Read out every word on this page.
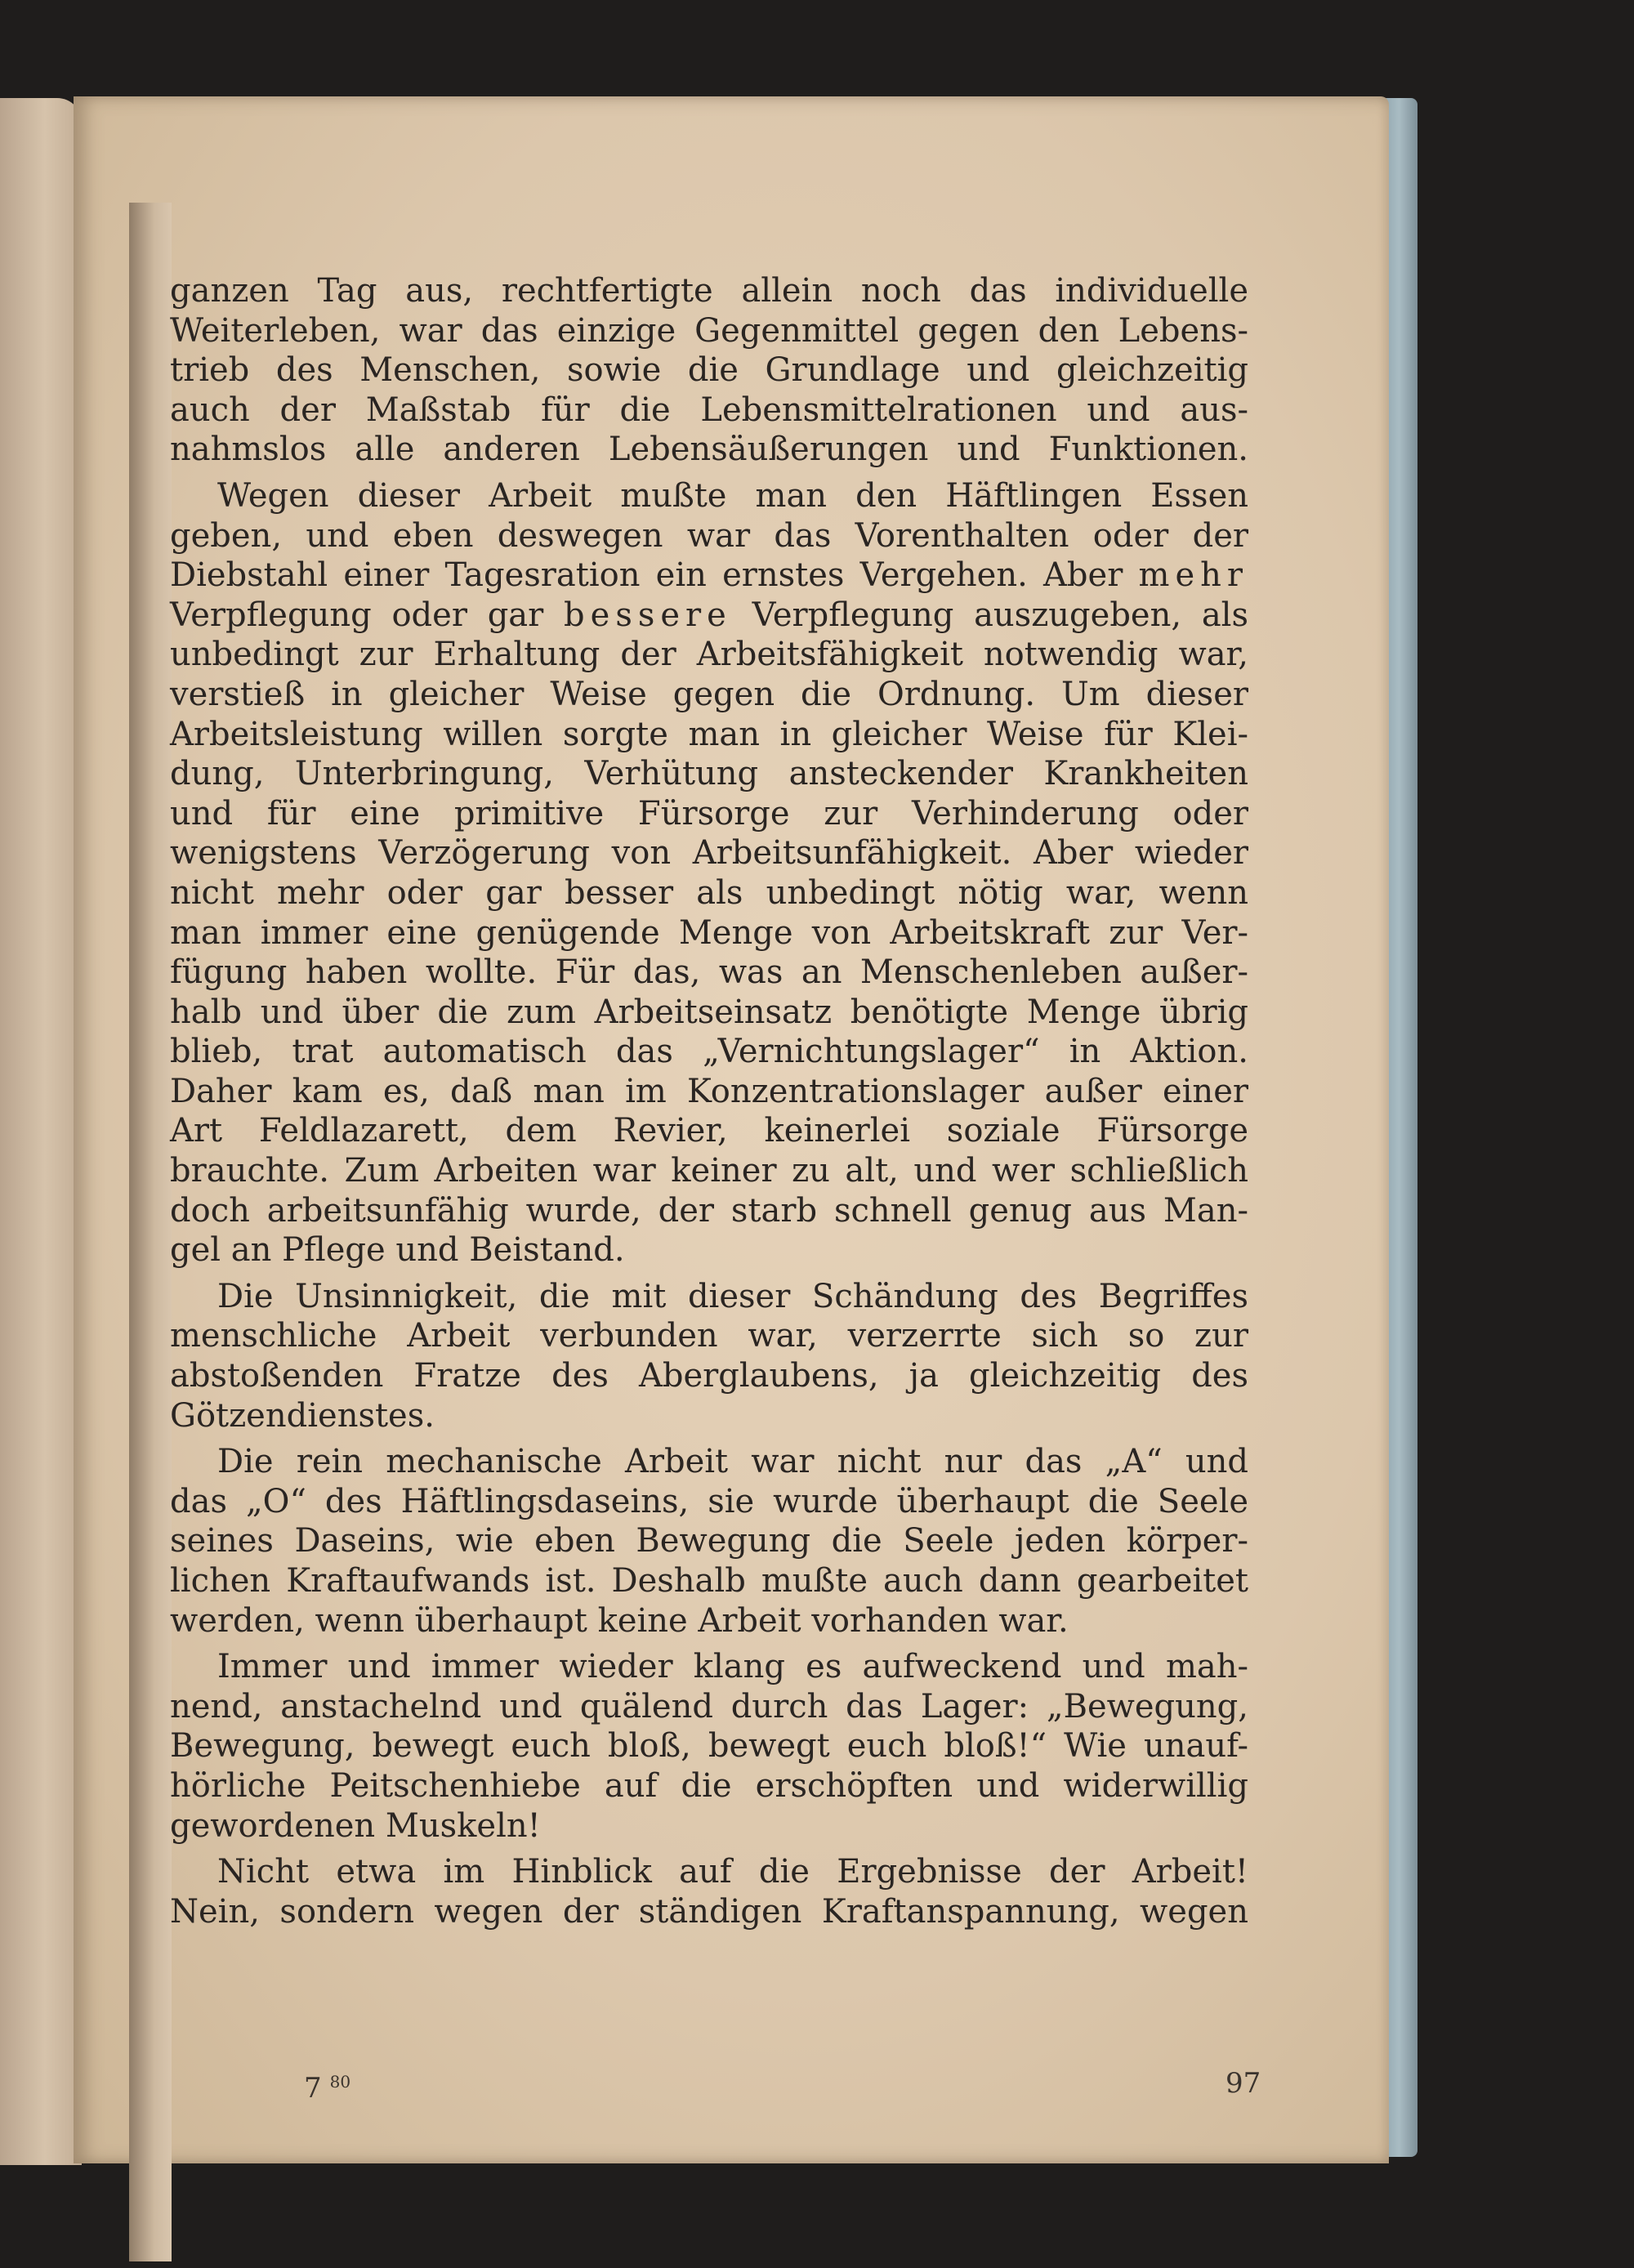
ganzen Tag aus, rechtfertigte allein noch das individuelle
Weiterleben, war das einzige Gegenmittel gegen den Lebens-
trieb des Menschen, sowie die Grundlage und gleichzeitig
auch der Maßstab für die Lebensmittelrationen und aus-
nahmslos alle anderen Lebensäußerungen und Funktionen.

Wegen dieser Arbeit mußte man den Häftlingen Essen
geben, und eben deswegen war das Vorenthalten oder der
Diebstahl einer Tagesration ein ernstes Vergehen. Aber mehr
Verpflegung oder gar bessere Verpflegung auszugeben, als
unbedingt zur Erhaltung der Arbeitsfähigkeit notwendig war,
verstieß in gleicher Weise gegen die Ordnung. Um dieser
Arbeitsleistung willen sorgte man in gleicher Weise für Klei-
dung, Unterbringung, Verhütung ansteckender Krankheiten
und für eine primitive Fürsorge zur Verhinderung oder
wenigstens Verzögerung von Arbeitsunfähigkeit. Aber wieder
nicht mehr oder gar besser als unbedingt nötig war, wenn
man immer eine genügende Menge von Arbeitskraft zur Ver-
fügung haben wollte. Für das, was an Menschenleben außer-
halb und über die zum Arbeitseinsatz benötigte Menge übrig
blieb, trat automatisch das „Vernichtungslager“ in Aktion.
Daher kam es, daß man im Konzentrationslager außer einer
Art Feldlazarett, dem Revier, keinerlei soziale Fürsorge
brauchte. Zum Arbeiten war keiner zu alt, und wer schließlich
doch arbeitsunfähig wurde, der starb schnell genug aus Man-
gel an Pflege und Beistand.

Die Unsinnigkeit, die mit dieser Schändung des Begriffes
menschliche Arbeit verbunden war, verzerrte sich so zur
abstoßenden Fratze des Aberglaubens, ja gleichzeitig des
Götzendienstes.

Die rein mechanische Arbeit war nicht nur das „A“ und
das „O“ des Häftlingsdaseins, sie wurde überhaupt die Seele
seines Daseins, wie eben Bewegung die Seele jeden körper-
lichen Kraftaufwands ist. Deshalb mußte auch dann gearbeitet
werden, wenn überhaupt keine Arbeit vorhanden war.

Immer und immer wieder klang es aufweckend und mah-
nend, anstachelnd und quälend durch das Lager: „Bewegung,
Bewegung, bewegt euch bloß, bewegt euch bloß!“ Wie unauf-
hörliche Peitschenhiebe auf die erschöpften und widerwillig
gewordenen Muskeln!

Nicht etwa im Hinblick auf die Ergebnisse der Arbeit!
Nein, sondern wegen der ständigen Kraftanspannung, wegen

7 $^{80}$	97
